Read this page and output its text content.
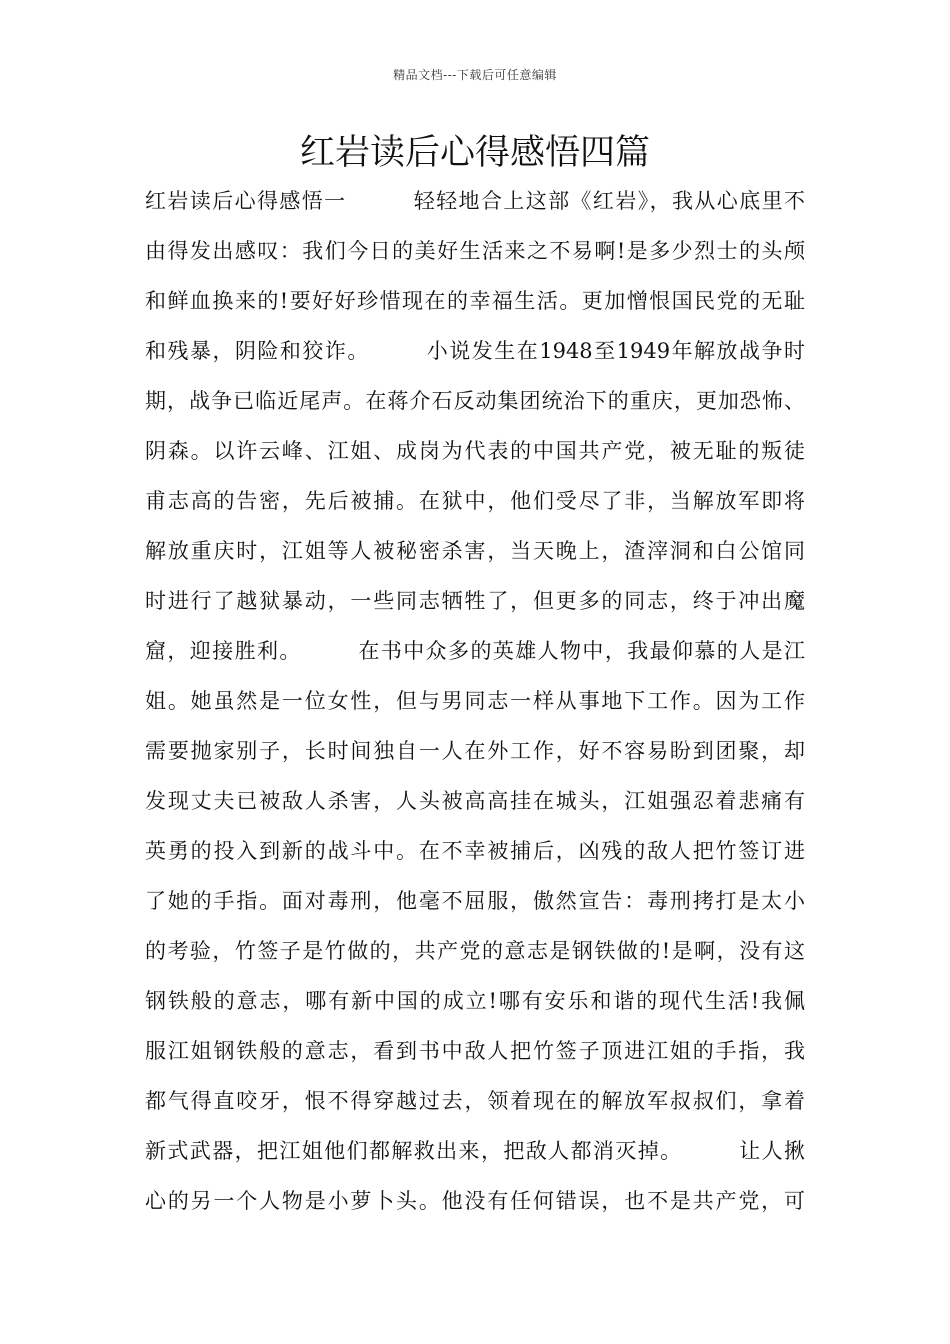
精品文档---下载后可任意编辑
红岩读后心得感悟四篇
红岩读后心得感悟一　　　轻轻地合上这部《红岩》，我从心底里不
由得发出感叹：我们今日的美好生活来之不易啊!是多少烈士的头颅
和鲜血换来的!要好好珍惜现在的幸福生活。更加憎恨国民党的无耻
和残暴，阴险和狡诈。　　　小说发生在1948至1949年解放战争时
期，战争已临近尾声。在蒋介石反动集团统治下的重庆，更加恐怖、
阴森。以许云峰、江姐、成岗为代表的中国共产党，被无耻的叛徒
甫志高的告密，先后被捕。在狱中，他们受尽了非，当解放军即将
解放重庆时，江姐等人被秘密杀害，当天晚上，渣滓洞和白公馆同
时进行了越狱暴动，一些同志牺牲了，但更多的同志，终于冲出魔
窟，迎接胜利。　　　在书中众多的英雄人物中，我最仰慕的人是江
姐。她虽然是一位女性，但与男同志一样从事地下工作。因为工作
需要抛家别子，长时间独自一人在外工作，好不容易盼到团聚，却
发现丈夫已被敌人杀害，人头被高高挂在城头，江姐强忍着悲痛有
英勇的投入到新的战斗中。在不幸被捕后，凶残的敌人把竹签订进
了她的手指。面对毒刑，他毫不屈服，傲然宣告：毒刑拷打是太小
的考验，竹签子是竹做的，共产党的意志是钢铁做的!是啊，没有这
钢铁般的意志，哪有新中国的成立!哪有安乐和谐的现代生活!我佩
服江姐钢铁般的意志，看到书中敌人把竹签子顶进江姐的手指，我
都气得直咬牙，恨不得穿越过去，领着现在的解放军叔叔们，拿着
新式武器，把江姐他们都解救出来，把敌人都消灭掉。　　　让人揪
心的另一个人物是小萝卜头。他没有任何错误，也不是共产党，可
